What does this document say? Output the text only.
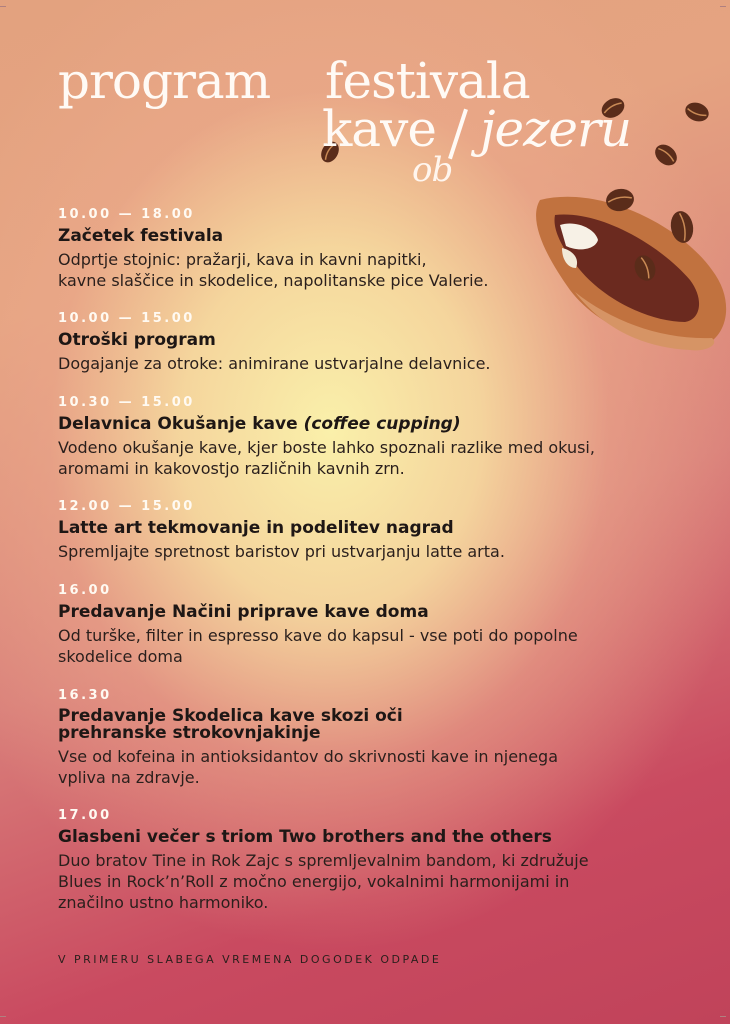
program festivala
kave jezeru
ob
10.00 — 18.00
Začetek festivala
Odprtje stojnic: pražarji, kava in kavni napitki,
kavne slaščice in skodelice, napolitanske pice Valerie.
10.00 — 15.00
Otroški program
Dogajanje za otroke: animirane ustvarjalne delavnice.
10.30 — 15.00
Delavnica Okušanje kave (coffee cupping)
Vodeno okušanje kave, kjer boste lahko spoznali razlike med okusi,
aromami in kakovostjo različnih kavnih zrn.
12.00 — 15.00
Latte art tekmovanje in podelitev nagrad
Spremljajte spretnost baristov pri ustvarjanju latte arta.
16.00
Predavanje Načini priprave kave doma
Od turške, filter in espresso kave do kapsul - vse poti do popolne
skodelice doma
16.30
Predavanje Skodelica kave skozi oči
prehranske strokovnjakinje
Vse od kofeina in antioksidantov do skrivnosti kave in njenega
vpliva na zdravje.
17.00
Glasbeni večer s triom Two brothers and the others
Duo bratov Tine in Rok Zajc s spremljevalnim bandom, ki združuje
Blues in Rock’n’Roll z močno energijo, vokalnimi harmonijami in
značilno ustno harmoniko.
V PRIMERU SLABEGA VREMENA DOGODEK ODPADE
